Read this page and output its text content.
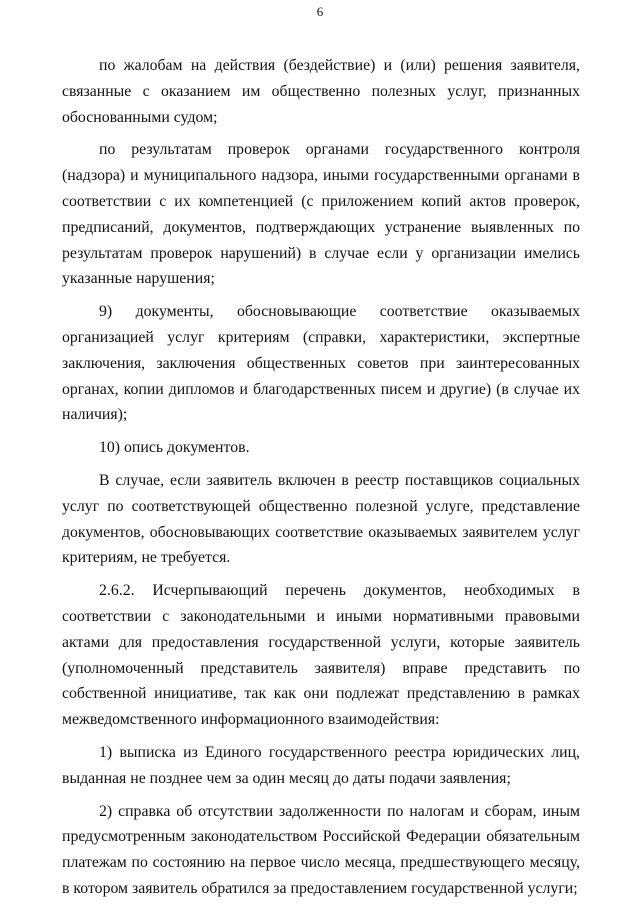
6

по жалобам на действия (бездействие) и (или) решения заявителя, связанные с оказанием им общественно полезных услуг, признанных обоснованными судом;

по результатам проверок органами государственного контроля (надзора) и муниципального надзора, иными государственными органами в соответствии с их компетенцией (с приложением копий актов проверок, предписаний, документов, подтверждающих устранение выявленных по результатам проверок нарушений) в случае если у организации имелись указанные нарушения;

9) документы, обосновывающие соответствие оказываемых организацией услуг критериям (справки, характеристики, экспертные заключения, заключения общественных советов при заинтересованных органах, копии дипломов и благодарственных писем и другие) (в случае их наличия);

10) опись документов.

В случае, если заявитель включен в реестр поставщиков социальных услуг по соответствующей общественно полезной услуге, представление документов, обосновывающих соответствие оказываемых заявителем услуг критериям, не требуется.

2.6.2. Исчерпывающий перечень документов, необходимых в соответствии с законодательными и иными нормативными правовыми актами для предоставления государственной услуги, которые заявитель (уполномоченный представитель заявителя) вправе представить по собственной инициативе, так как они подлежат представлению в рамках межведомственного информационного взаимодействия:

1) выписка из Единого государственного реестра юридических лиц, выданная не позднее чем за один месяц до даты подачи заявления;

2) справка об отсутствии задолженности по налогам и сборам, иным предусмотренным законодательством Российской Федерации обязательным платежам по состоянию на первое число месяца, предшествующего месяцу, в котором заявитель обратился за предоставлением государственной услуги;
